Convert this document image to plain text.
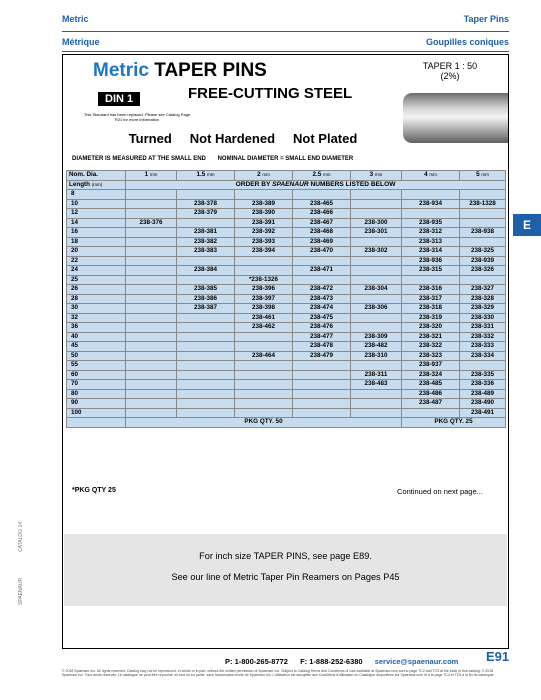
Metric	Taper Pins
Métrique	Goupilles coniques
E
Metric TAPER PINS	TAPER 1 : 50
(2%)
DIN 1	FREE-CUTTING STEEL
This Standard has been replaced. Please see Catalog Page R21 for more information
Turned Not Hardened Not Plated
DIAMETER IS MEASURED AT THE SMALL END NOMINAL DIAMETER = SMALL END DIAMETER
Nom. Dia.	1 mm	1.5 mm	2 mm	2.5 mm	3 mm	4 mm	5 mm	
Length (mm)	ORDER BY SPAENAUR NUMBERS LISTED BELOW							
8								
10		238-378	238-389	238-465		238-934	238-1328	
12		238-379	238-390	238-466				
14	238-376		238-391	238-467	238-300	238-935		
16		238-381	238-392	238-468	238-301	238-312	238-938	
18		238-382	238-393	238-469		238-313		
20		238-383	238-394	238-470	238-302	238-314	238-325	
22						238-936	238-939	
24		238-384		238-471		238-315	238-326	
25			*238-1326					
26		238-385	238-396	238-472	238-304	238-316	238-327	
28		238-386	238-397	238-473		238-317	238-328	
30		238-387	238-398	238-474	238-306	238-318	238-329	
32			238-461	238-475		238-319	238-330	
36			238-462	238-476		238-320	238-331	
40				238-477	238-309	238-321	238-332	
45				238-478	238-482	238-322	238-333	
50			238-464	238-479	238-310	238-323	238-334	
55						238-937		
60					238-311	238-324	238-335	
70					238-483	238-485	238-336	
80						238-486	238-489	
90						238-487	238-490	
100							238-491	
	PKG QTY. 50					PKG QTY. 25		
*PKG QTY 25	Continued on next page...
For inch size TAPER PINS, see page E89.
See our line of Metric Taper Pin Reamers on Pages P45
CATALOG 14
SPAENAUR
P: 1-800-265-8772 F: 1-888-252-6380 service@spaenaur.com	E91
© 2018 Spaenaur Inc. All rights reserved. Catalog may not be reproduced, in whole or in part, without the written permission of Spaenaur Inc. Subject to Catalog Terms and Conditions of Use available at Spaenaur.com and to page TC2 and TC3 at the back of this catalog. © 2018 Spaenaur Inc. Tous droits réservés. Le catalogue ne peut être reproduit, en tout ou en partie, sans l'autorisation écrite de Spaenaur Inc. L'utilisation est assujettie aux Conditions d'utilisation du Catalogue disponibles sur Spaenaur.com et à la page TC4 et TC5 à la fin du catalogue.
